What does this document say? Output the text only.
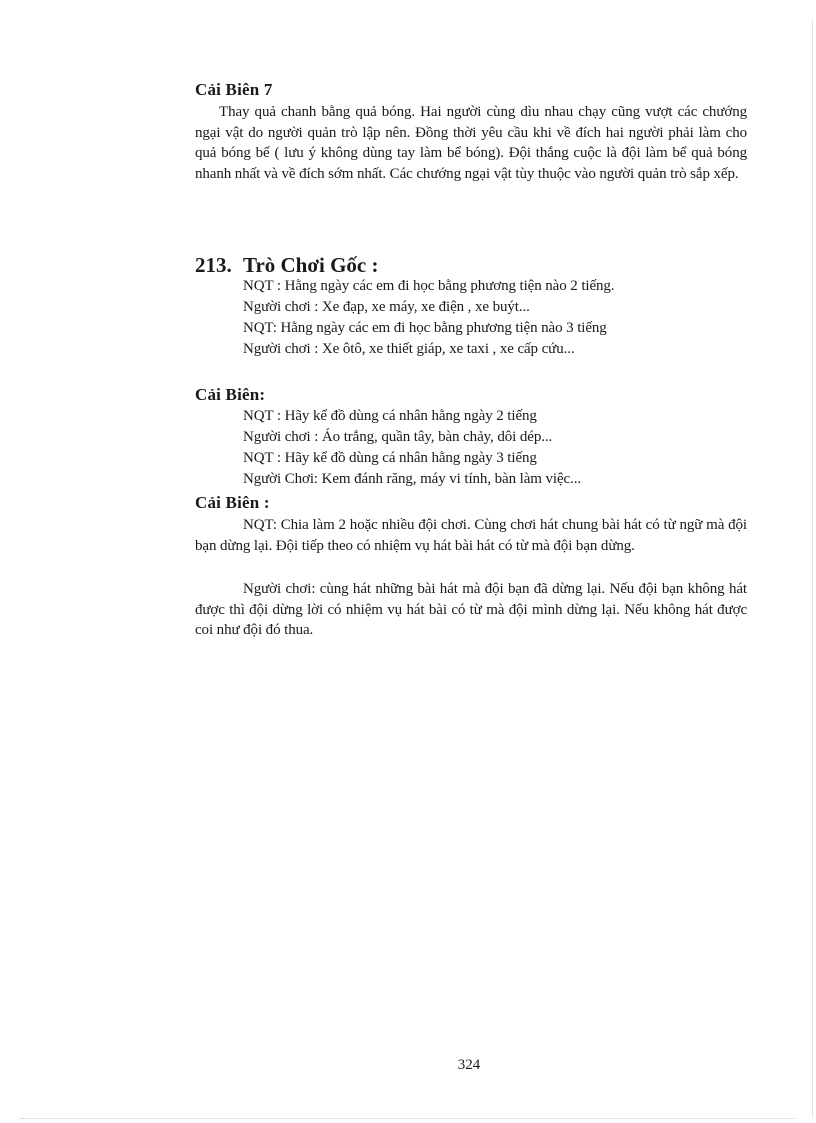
Cải Biên 7
Thay quả chanh bằng quả bóng. Hai người cùng dìu nhau chạy cũng vượt các chướng ngại vật do người quản trò lập nên. Đồng thời yêu cầu khi về đích hai người phải làm cho quả bóng bể ( lưu ý không dùng tay làm bể bóng). Đội thắng cuộc là đội làm bể quả bóng nhanh nhất và về đích sớm nhất. Các chướng ngại vật tùy thuộc vào người quản trò sắp xếp.
213. Trò Chơi Gốc :
NQT : Hằng ngày các em đi học bằng phương tiện nào 2 tiếng.
Người chơi : Xe đạp, xe máy, xe điện , xe buýt...
NQT: Hằng ngày các em đi học bằng phương tiện nào 3 tiếng
Người chơi : Xe ôtô, xe thiết giáp, xe taxi , xe cấp cứu...
Cải Biên:
NQT : Hãy kể đồ dùng cá nhân hằng ngày 2 tiếng
Người chơi : Áo trắng, quần tây, bàn chảy, dôi dép...
NQT : Hãy kể đồ dùng cá nhân hằng ngày 3 tiếng
Người Chơi: Kem đánh răng, máy vi tính, bàn làm việc...
Cải Biên :
NQT: Chia làm 2 hoặc nhiều đội chơi. Cùng chơi hát chung bài hát có từ ngữ mà đội bạn dừng lại. Đội tiếp theo có nhiệm vụ hát bài hát có từ mà đội bạn dừng.
Người chơi: cùng hát những bài hát mà đội bạn đã dừng lại. Nếu đội bạn không hát được thì đội dừng lời có nhiệm vụ hát bài có từ mà đội mình dừng lại. Nếu không hát được coi như đội đó thua.
324
